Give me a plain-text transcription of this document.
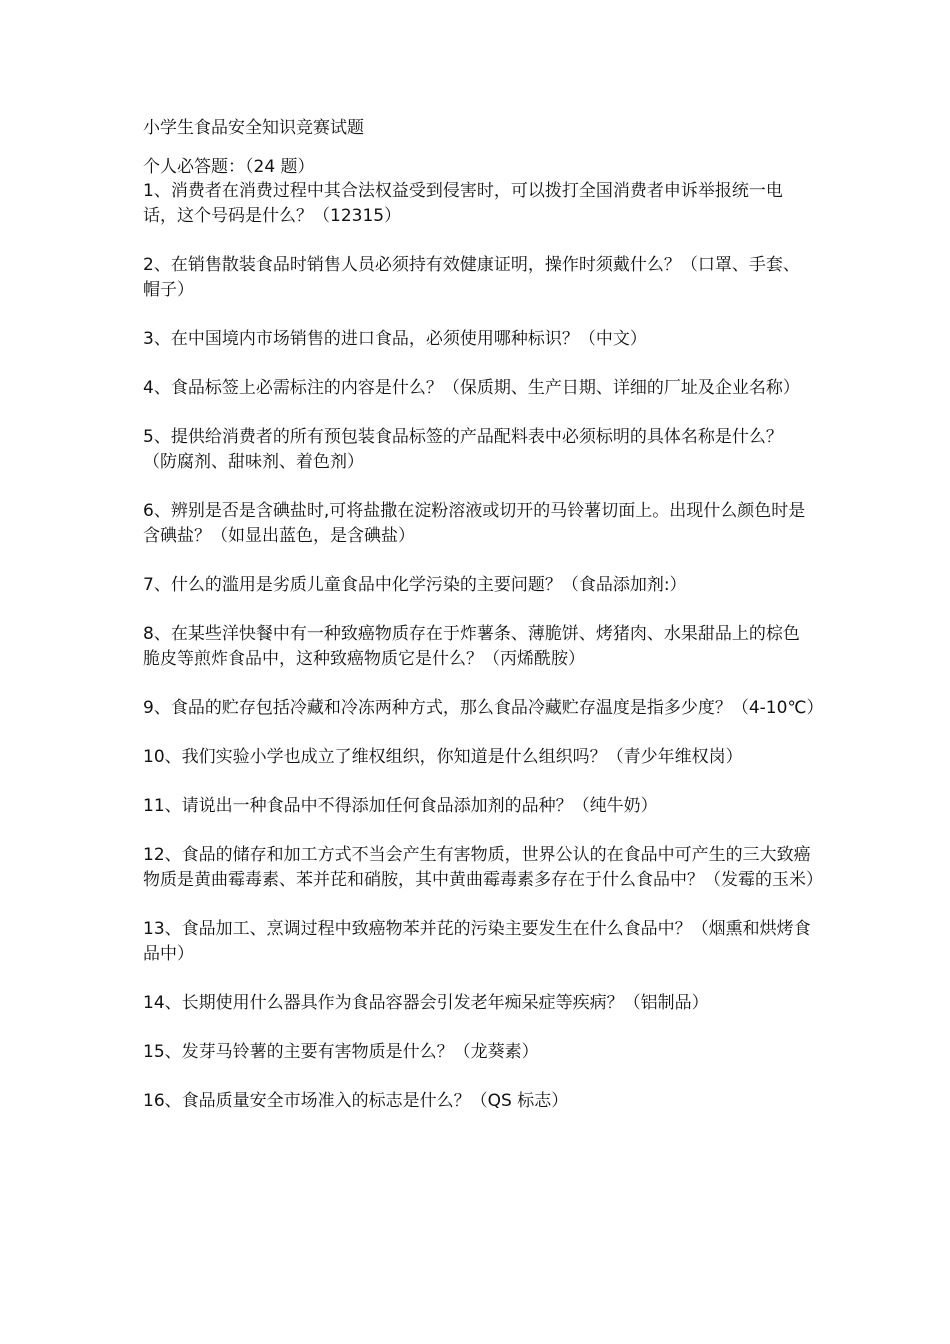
小学生食品安全知识竞赛试题

个人必答题：（24 题）

1、消费者在消费过程中其合法权益受到侵害时，可以拨打全国消费者申诉举报统一电话，这个号码是什么？（12315）

2、在销售散装食品时销售人员必须持有效健康证明，操作时须戴什么？（口罩、手套、帽子）

3、在中国境内市场销售的进口食品，必须使用哪种标识？（中文）

4、食品标签上必需标注的内容是什么？（保质期、生产日期、详细的厂址及企业名称）

5、提供给消费者的所有预包装食品标签的产品配料表中必须标明的具体名称是什么？（防腐剂、甜味剂、着色剂）

6、辨别是否是含碘盐时,可将盐撒在淀粉溶液或切开的马铃薯切面上。出现什么颜色时是含碘盐？（如显出蓝色，是含碘盐）

7、什么的滥用是劣质儿童食品中化学污染的主要问题？（食品添加剂:）

8、在某些洋快餐中有一种致癌物质存在于炸薯条、薄脆饼、烤猪肉、水果甜品上的棕色脆皮等煎炸食品中，这种致癌物质它是什么？（丙烯酰胺）

9、食品的贮存包括冷藏和冷冻两种方式，那么食品冷藏贮存温度是指多少度？（4-10℃）

10、我们实验小学也成立了维权组织，你知道是什么组织吗？（青少年维权岗）

11、请说出一种食品中不得添加任何食品添加剂的品种？（纯牛奶）

12、食品的储存和加工方式不当会产生有害物质，世界公认的在食品中可产生的三大致癌物质是黄曲霉毒素、苯并芘和硝胺，其中黄曲霉毒素多存在于什么食品中？（发霉的玉米）

13、食品加工、烹调过程中致癌物苯并芘的污染主要发生在什么食品中？（烟熏和烘烤食品中）

14、长期使用什么器具作为食品容器会引发老年痴呆症等疾病？（铝制品）

15、发芽马铃薯的主要有害物质是什么？（龙葵素）

16、食品质量安全市场准入的标志是什么？（QS 标志）
